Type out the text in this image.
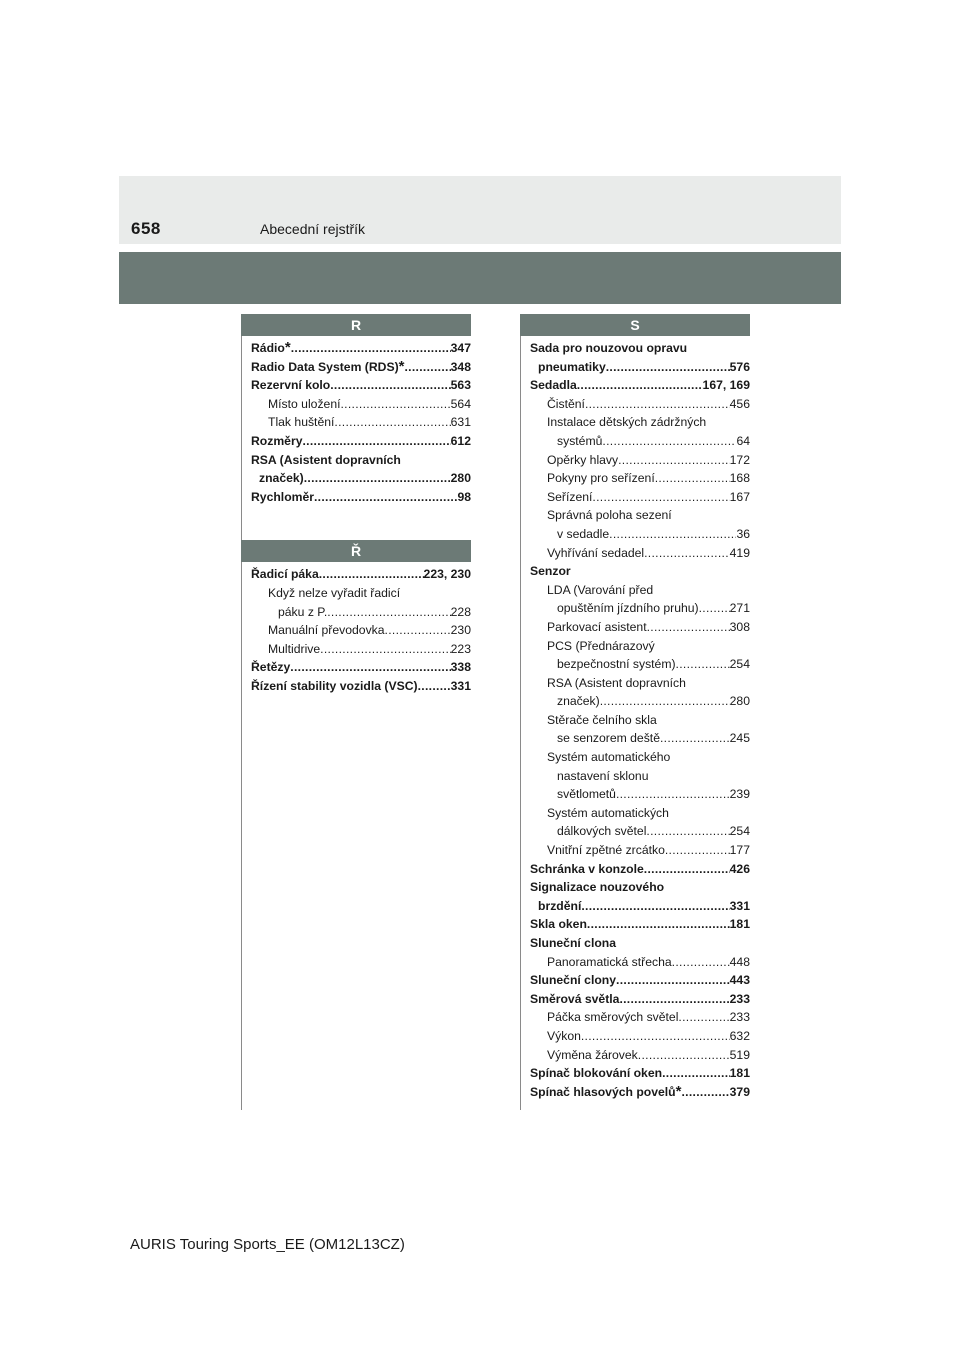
658	Abecední rejstřík
R
Rádio * .....	347
Radio Data System (RDS) * .....	348
Rezervní kolo .....	563
Místo uložení .....	564
Tlak huštění .....	631
Rozměry .....	612
RSA (Asistent dopravních
značek) .....	280
Rychloměr .....	98
Ř
Řadicí páka .....	223, 230
Když nelze vyřadit řadicí
páku z P. .....	228
Manuální převodovka .....	230
Multidrive .....	223
Řetězy .....	338
Řízení stability vozidla (VSC) .....	331
S
Sada pro nouzovou opravu
pneumatiky .....	576
Sedadla .....	167, 169
Čistění .....	456
Instalace dětských zádržných
systémů .....	64
Opěrky hlavy .....	172
Pokyny pro seřízení .....	168
Seřízení .....	167
Správná poloha sezení
v sedadle .....	36
Vyhřívání sedadel .....	419
Senzor
LDA (Varování před
opuštěním jízdního pruhu) .....	271
Parkovací asistent .....	308
PCS (Přednárazový
bezpečnostní systém) .....	254
RSA (Asistent dopravních
značek) .....	280
Stěrače čelního skla
se senzorem deště .....	245
Systém automatického
nastavení sklonu
světlometů .....	239
Systém automatických
dálkových světel .....	254
Vnitřní zpětné zrcátko .....	177
Schránka v konzole .....	426
Signalizace nouzového
brzdění .....	331
Skla oken .....	181
Sluneční clona
Panoramatická střecha .....	448
Sluneční clony .....	443
Směrová světla .....	233
Páčka směrových světel .....	233
Výkon .....	632
Výměna žárovek .....	519
Spínač blokování oken .....	181
Spínač hlasových povelů * .....	379
AURIS Touring Sports_EE (OM12L13CZ)
